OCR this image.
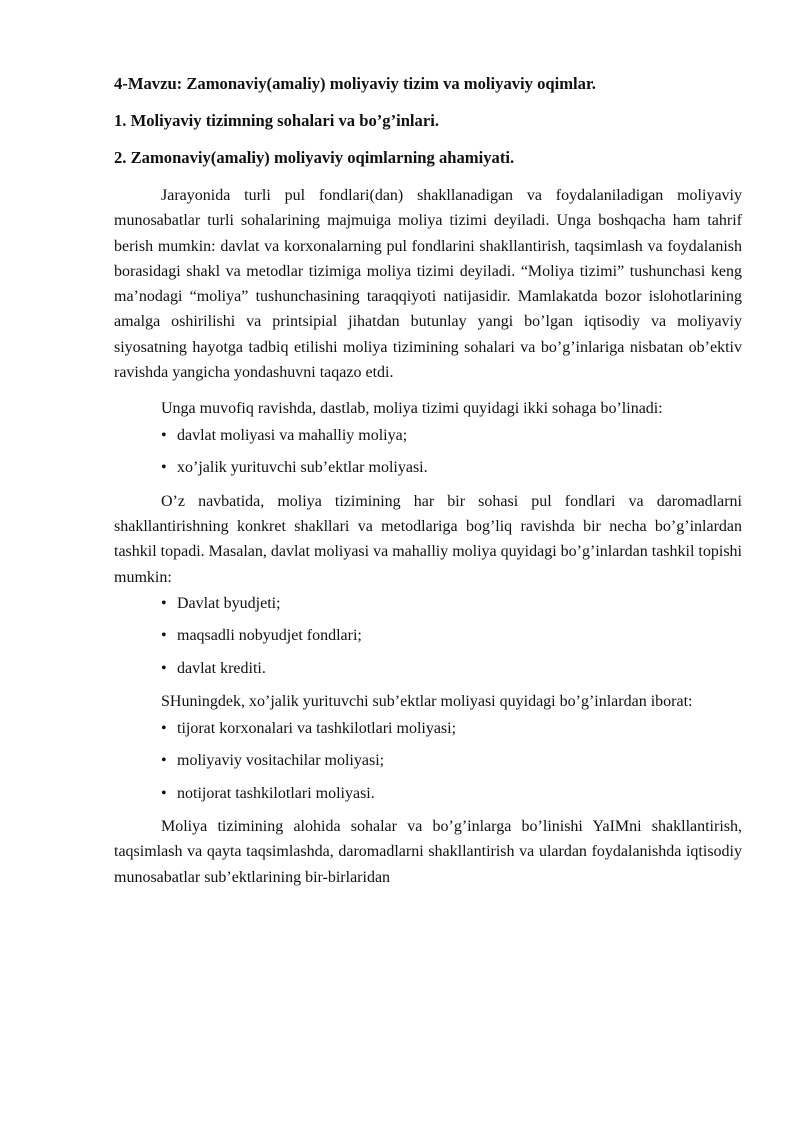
4-Mavzu: Zamonaviy(amaliy) moliyaviy tizim va moliyaviy oqimlar.
1. Moliyaviy tizimning sohalari va bo’g’inlari.
2. Zamonaviy(amaliy) moliyaviy oqimlarning ahamiyati.

Jarayonida turli pul fondlari(dan) shakllanadigan va foydalaniladigan moliyaviy munosabatlar turli sohalarining majmuiga moliya tizimi deyiladi. Unga boshqacha ham tahrif berish mumkin: davlat va korxonalarning pul fondlarini shakllantirish, taqsimlash va foydalanish borasidagi shakl va metodlar tizimiga moliya tizimi deyiladi. “Moliya tizimi” tushunchasi keng ma’nodagi “moliya” tushunchasining taraqqiyoti natijasidir. Mamlakatda bozor islohotlarining amalga oshirilishi va printsipial jihatdan butunlay yangi bo’lgan iqtisodiy va moliyaviy siyosatning hayotga tadbiq etilishi moliya tizimining sohalari va bo’g’inlariga nisbatan ob’ektiv ravishda yangicha yondashuvni taqazo etdi.

Unga muvofiq ravishda, dastlab, moliya tizimi quyidagi ikki sohaga bo’linadi:

• davlat moliyasi va mahalliy moliya;
• xo’jalik yurituvchi sub’ektlar moliyasi.

O’z navbatida, moliya tizimining har bir sohasi pul fondlari va daromadlarni shakllantirishning konkret shakllari va metodlariga bog’liq ravishda bir necha bo’g’inlardan tashkil topadi. Masalan, davlat moliyasi va mahalliy moliya quyidagi bo’g’inlardan tashkil topishi mumkin:

• Davlat byudjeti;
• maqsadli nobyudjet fondlari;
• davlat krediti.

SHuningdek, xo’jalik yurituvchi sub’ektlar moliyasi quyidagi bo’g’inlardan iborat:

• tijorat korxonalari va tashkilotlari moliyasi;
• moliyaviy vositachilar moliyasi;
• notijorat tashkilotlari moliyasi.

Moliya tizimining alohida sohalar va bo’g’inlarga bo’linishi YaIMni shakllantirish, taqsimlash va qayta taqsimlashda, daromadlarni shakllantirish va ulardan foydalanishda iqtisodiy munosabatlar sub’ektlarining bir-birlaridan
